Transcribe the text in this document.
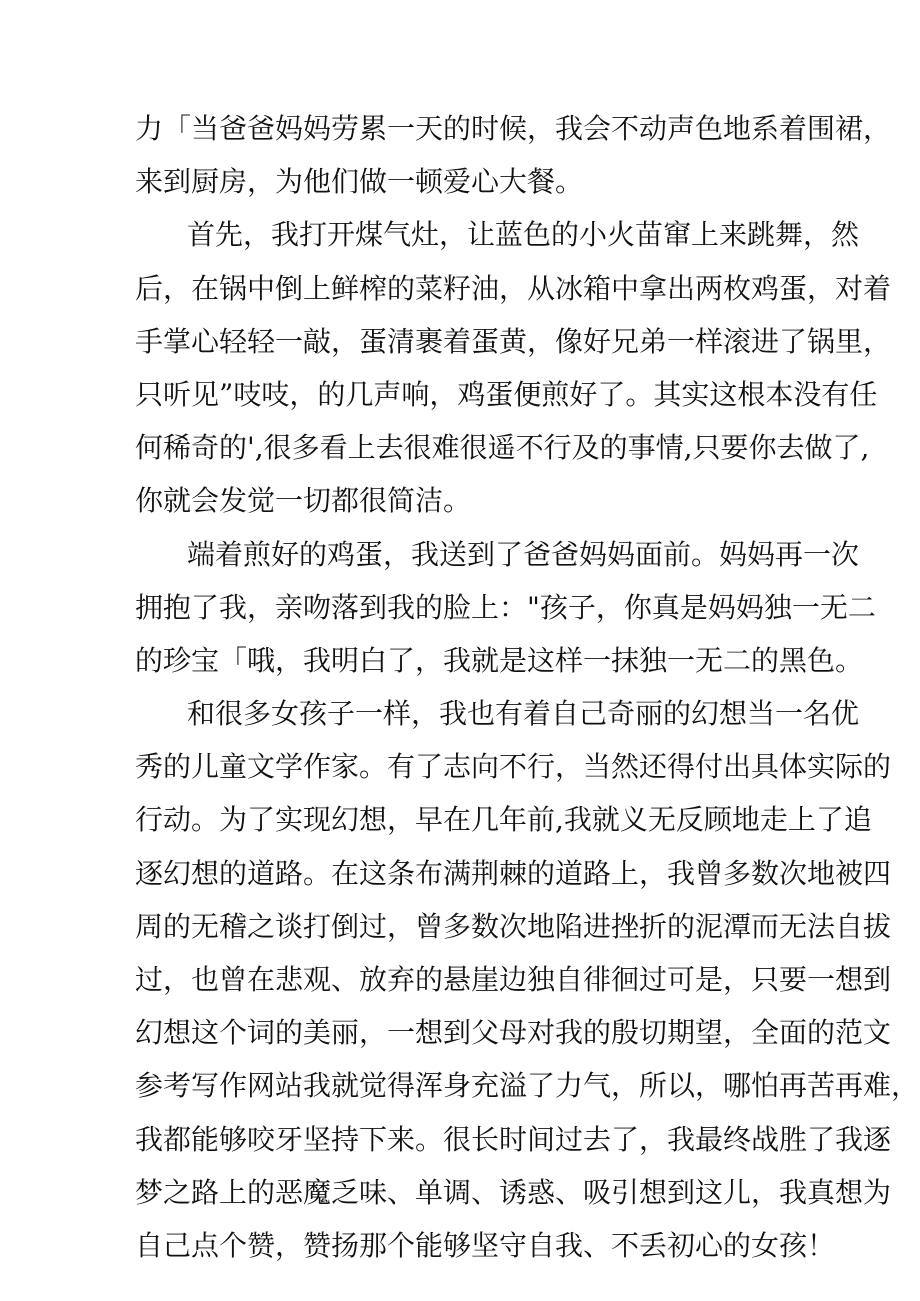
力「当爸爸妈妈劳累一天的时候，我会不动声色地系着围裙，
来到厨房，为他们做一顿爱心大餐。
首先，我打开煤气灶，让蓝色的小火苗窜上来跳舞，然
后，在锅中倒上鲜榨的菜籽油，从冰箱中拿出两枚鸡蛋，对着
手掌心轻轻一敲，蛋清裹着蛋黄，像好兄弟一样滚进了锅里，
只听见”吱吱，的几声响，鸡蛋便煎好了。其实这根本没有任
何稀奇的',很多看上去很难很遥不行及的事情,只要你去做了,
你就会发觉一切都很简洁。
端着煎好的鸡蛋，我送到了爸爸妈妈面前。妈妈再一次
拥抱了我，亲吻落到我的脸上："孩子，你真是妈妈独一无二
的珍宝「哦，我明白了，我就是这样一抹独一无二的黑色。
和很多女孩子一样，我也有着自己奇丽的幻想当一名优
秀的儿童文学作家。有了志向不行，当然还得付出具体实际的
行动。为了实现幻想，早在几年前,我就义无反顾地走上了追
逐幻想的道路。在这条布满荆棘的道路上，我曾多数次地被四
周的无稽之谈打倒过，曾多数次地陷进挫折的泥潭而无法自拔
过，也曾在悲观、放弃的悬崖边独自徘徊过可是，只要一想到
幻想这个词的美丽，一想到父母对我的殷切期望，全面的范文
参考写作网站我就觉得浑身充溢了力气，所以，哪怕再苦再难，
我都能够咬牙坚持下来。很长时间过去了，我最终战胜了我逐
梦之路上的恶魔乏味、单调、诱惑、吸引想到这儿，我真想为
自己点个赞，赞扬那个能够坚守自我、不丢初心的女孩！
